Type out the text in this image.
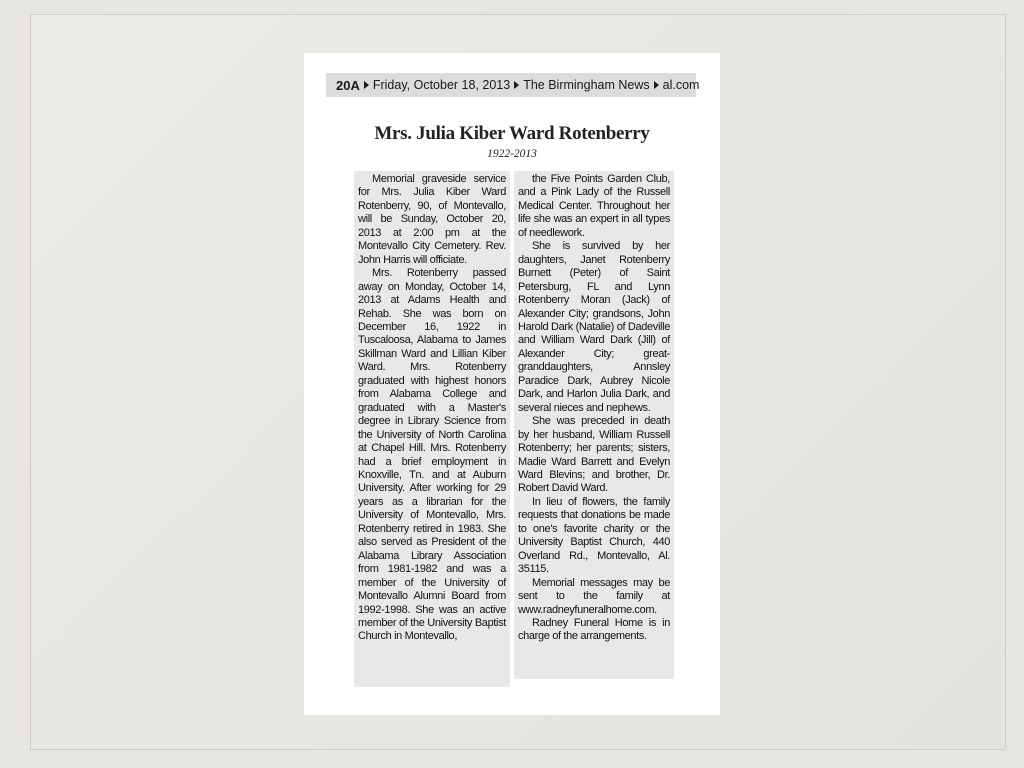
20A Friday, October 18, 2013 The Birmingham News al.com
Mrs. Julia Kiber Ward Rotenberry
1922-2013

Memorial graveside service for Mrs. Julia Kiber Ward Rotenberry, 90, of Montevallo, will be Sunday, October 20, 2013 at 2:00 pm at the Montevallo City Cemetery. Rev. John Harris will officiate.

Mrs. Rotenberry passed away on Monday, October 14, 2013 at Adams Health and Rehab. She was born on December 16, 1922 in Tuscaloosa, Alabama to James Skillman Ward and Lillian Kiber Ward. Mrs. Rotenberry graduated with highest honors from Alabama College and graduated with a Master's degree in Library Science from the University of North Carolina at Chapel Hill. Mrs. Rotenberry had a brief employment in Knoxville, Tn. and at Auburn University. After working for 29 years as a librarian for the University of Montevallo, Mrs. Rotenberry retired in 1983. She also served as President of the Alabama Library Association from 1981-1982 and was a member of the University of Montevallo Alumni Board from 1992-1998. She was an active member of the University Baptist Church in Montevallo,

the Five Points Garden Club, and a Pink Lady of the Russell Medical Center. Throughout her life she was an expert in all types of needlework.

She is survived by her daughters, Janet Rotenberry Burnett (Peter) of Saint Petersburg, FL and Lynn Rotenberry Moran (Jack) of Alexander City; grandsons, John Harold Dark (Natalie) of Dadeville and William Ward Dark (Jill) of Alexander City; great-granddaughters, Annsley Paradice Dark, Aubrey Nicole Dark, and Harlon Julia Dark, and several nieces and nephews.

She was preceded in death by her husband, William Russell Rotenberry; her parents; sisters, Madie Ward Barrett and Evelyn Ward Blevins; and brother, Dr. Robert David Ward.

In lieu of flowers, the family requests that donations be made to one's favorite charity or the University Baptist Church, 440 Overland Rd., Montevallo, Al. 35115.

Memorial messages may be sent to the family at www.radneyfuneralhome.com.

Radney Funeral Home is in charge of the arrangements.
